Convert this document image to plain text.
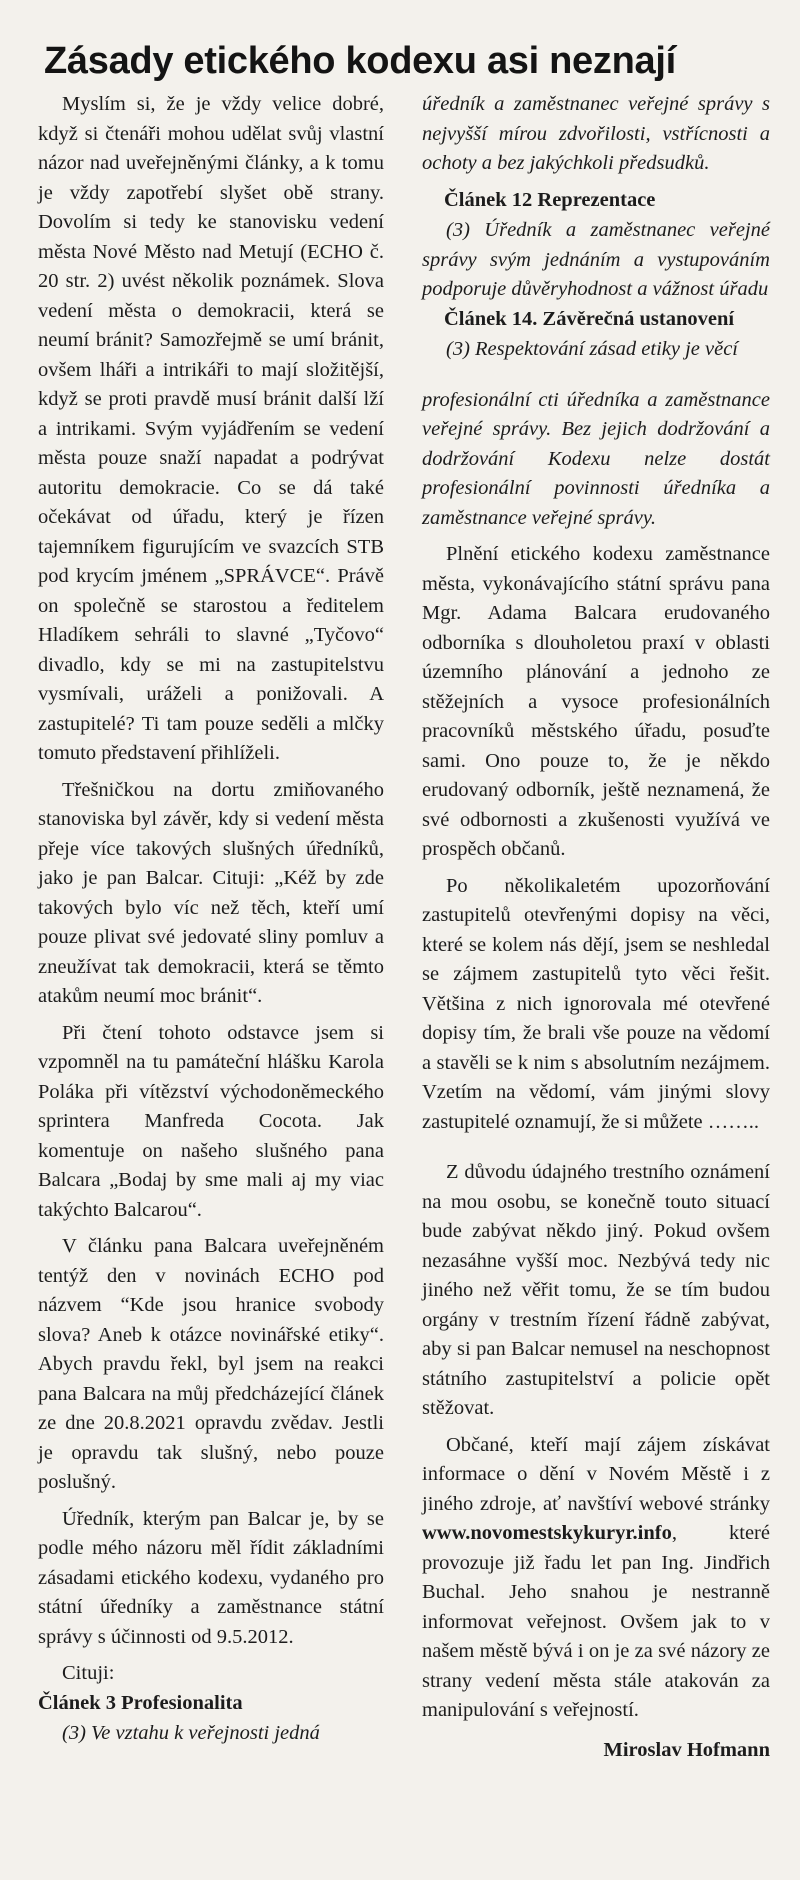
Zásady etického kodexu asi neznají

Myslím si, že je vždy velice dobré, když si čtenáři mohou udělat svůj vlastní názor nad uveřejněnými články, a k tomu je vždy zapotřebí slyšet obě strany. Dovolím si tedy ke stanovisku vedení města Nové Město nad Metují (ECHO č. 20 str. 2) uvést několik poznámek. Slova vedení města o demokracii, která se neumí bránit? Samozřejmě se umí bránit, ovšem lháři a intrikáři to mají složitější, když se proti pravdě musí bránit další lží a intrikami. Svým vyjádřením se vedení města pouze snaží napadat a podrývat autoritu demokracie. Co se dá také očekávat od úřadu, který je řízen tajemníkem figurujícím ve svazcích STB pod krycím jménem „SPRÁVCE“. Právě on společně se starostou a ředitelem Hladíkem sehráli to slavné „Tyčovo“ divadlo, kdy se mi na zastupitelstvu vysmívali, uráželi a ponižovali. A zastupitelé? Ti tam pouze seděli a mlčky tomuto představení přihlíželi.

Třešničkou na dortu zmiňovaného stanoviska byl závěr, kdy si vedení města přeje více takových slušných úředníků, jako je pan Balcar. Cituji: „Kéž by zde takových bylo víc než těch, kteří umí pouze plivat své jedovaté sliny pomluv a zneužívat tak demokracii, která se těmto atakům neumí moc bránit“.

Při čtení tohoto odstavce jsem si vzpomněl na tu památeční hlášku Karola Poláka při vítězství východoněmeckého sprintera Manfreda Cocota. Jak komentuje on našeho slušného pana Balcara „Bodaj by sme mali aj my viac takýchto Balcarou“.

V článku pana Balcara uveřejněném tentýž den v novinách ECHO pod názvem “Kde jsou hranice svobody slova? Aneb k otázce novinářské etiky“. Abych pravdu řekl, byl jsem na reakci pana Balcara na můj předcházející článek ze dne 20.8.2021 opravdu zvědav. Jestli je opravdu tak slušný, nebo pouze poslušný.

Úředník, kterým pan Balcar je, by se podle mého názoru měl řídit základními zásadami etického kodexu, vydaného pro státní úředníky a zaměstnance státní správy s účinnosti od 9.5.2012.

Cituji:

Článek 3 Profesionalita

(3) Ve vztahu k veřejnosti jedná

úředník a zaměstnanec veřejné správy s nejvyšší mírou zdvořilosti, vstřícnosti a ochoty a bez jakýchkoli předsudků.

Článek 12 Reprezentace

(3) Úředník a zaměstnanec veřejné správy svým jednáním a vystupováním podporuje důvěryhodnost a vážnost úřadu

Článek 14. Závěrečná ustanovení

(3) Respektování zásad etiky je věcí

profesionální cti úředníka a zaměstnance veřejné správy. Bez jejich dodržování a dodržování Kodexu nelze dostát profesionální povinnosti úředníka a zaměstnance veřejné správy.

Plnění etického kodexu zaměstnance města, vykonávajícího státní správu pana Mgr. Adama Balcara erudovaného odborníka s dlouholetou praxí v oblasti územního plánování a jednoho ze stěžejních a vysoce profesionálních pracovníků městského úřadu, posuďte sami. Ono pouze to, že je někdo erudovaný odborník, ještě neznamená, že své odbornosti a zkušenosti využívá ve prospěch občanů.

Po několikaletém upozorňování zastupitelů otevřenými dopisy na věci, které se kolem nás dějí, jsem se neshledal se zájmem zastupitelů tyto věci řešit. Většina z nich ignorovala mé otevřené dopisy tím, že brali vše pouze na vědomí a stavěli se k nim s absolutním nezájmem. Vzetím na vědomí, vám jinými slovy zastupitelé oznamují, že si můžete ……..

Z důvodu údajného trestního oznámení na mou osobu, se konečně touto situací bude zabývat někdo jiný. Pokud ovšem nezasáhne vyšší moc. Nezbývá tedy nic jiného než věřit tomu, že se tím budou orgány v trestním řízení řádně zabývat, aby si pan Balcar nemusel na neschopnost státního zastupitelství a policie opět stěžovat.

Občané, kteří mají zájem získávat informace o dění v Novém Městě i z jiného zdroje, ať navštíví webové stránky www.novomestskykuryr.info, které provozuje již řadu let pan Ing. Jindřich Buchal. Jeho snahou je nestranně informovat veřejnost. Ovšem jak to v našem městě bývá i on je za své názory ze strany vedení města stále atakován za manipulování s veřejností.

Miroslav Hofmann
